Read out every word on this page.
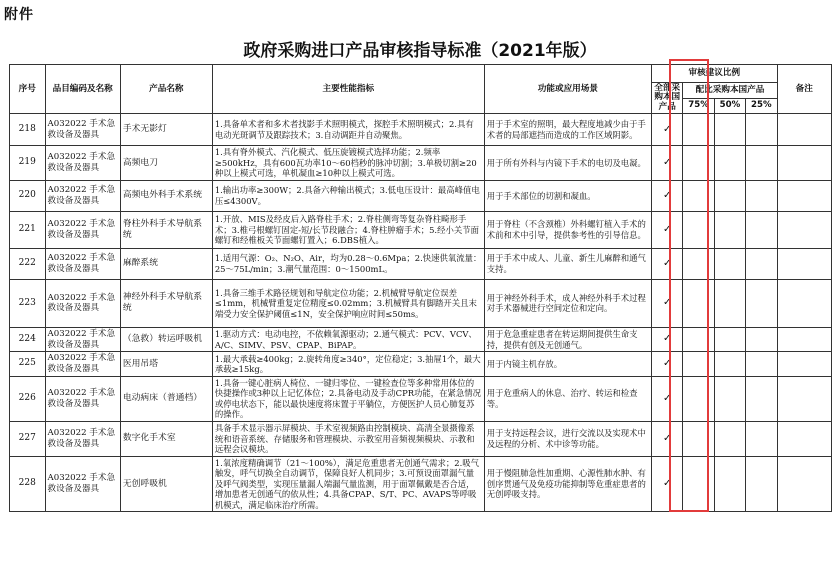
附件
政府采购进口产品审核指导标准（2021年版）
序号	品目编码及名称	产品名称	主要性能指标	功能或应用场景	审核建议比例				备注
					全部采购本国产品	配比采购本国产品			
						75%	50%	25%	
218	A032022 手术急救设备及器具	手术无影灯	1.具备单术者和多术者找影手术照明模式，探腔手术照明模式；2.具有电动光斑调节及跟踪技术；3.自动调距并自动聚焦。	用于手术室的照明，最大程度地减少由于手术者的局部遮挡而造成的工作区域阴影。	✓				
219	A032022 手术急救设备及器具	高频电刀	1.具有脊外模式、汽化模式、低压旋镀模式选择功能；2.频率≥500kHz，具有600瓦功率10～60档秒的脉冲切割；3.单极切割≥20种以上模式可选，单机凝血≥10种以上模式可选。	用于所有外科与内镜下手术的电切及电凝。	✓				
220	A032022 手术急救设备及器具	高频电外科手术系统	1.输出功率≥300W；2.具备六种输出模式；3.低电压设计：最高峰值电压≤4300V。	用于手术部位的切割和凝血。	✓				
221	A032022 手术急救设备及器具	脊柱外科手术导航系统	1.开放、MIS及经皮后入路脊柱手术；2.脊柱侧弯等复杂脊柱畸形手术；3.椎弓根螺钉固定-短/长节段融合；4.脊柱肿瘤手术；5.经小关节面螺钉和经椎板关节面螺钉置入；6.DBS植入。	用于脊柱（不含颈椎）外科螺钉植入手术的术前和术中引导，提供参考性的引导信息。	✓				
222	A032022 手术急救设备及器具	麻醉系统	1.适用气源：O₂、N₂O、Air，均为0.28～0.6Mpa；2.快速供氧流量：25～75L/min；3.潮气量范围：0～1500mL。	用于手术中成人、儿童、新生儿麻醉和通气支持。	✓				
223	A032022 手术急救设备及器具	神经外科手术导航系统	1.具备三维手术路径规划和导航定位功能；2.机械臂导航定位误差≤1mm，机械臂重复定位精度≤0.02mm；3.机械臂具有脚踏开关且末端受力安全保护阈值≤1N，安全保护响应时间≤50ms。	用于神经外科手术，成人神经外科手术过程对手术器械进行空间定位和定向。	✓				
224	A032022 手术急救设备及器具	（急救）转运呼吸机	1.驱动方式：电动电控，不依赖氧源驱动；2.通气模式：PCV、VCV、A/C、SIMV、PSV、CPAP、BiPAP。	用于危急重症患者在转运期间提供生命支持，提供有创及无创通气。	✓				
225	A032022 手术急救设备及器具	医用吊塔	1.最大承载≥400kg；2.旋转角度≥340°，定位稳定；3.抽屉1个，最大承载≥15kg。	用于内镜主机存放。	✓				
226	A032022 手术急救设备及器具	电动病床（普通档）	1.具备一键心脏病人椅位、一键归零位、一键检查位等多种常用体位的快捷操作或3种以上记忆体位；2.具备电动及手动CPR功能，在紧急情况或停电状态下，能以最快速度将床置于平躺位，方便医护人员心肺复苏的操作。	用于危重病人的休息、治疗、转运和检查等。	✓				
227	A032022 手术急救设备及器具	数字化手术室	具备手术显示器示屏模块、手术室视频路由控制模块、高清全景摄像系统和语音系统、存储服务和管理模块、示教室用音频视频模块、示教和远程会议模块。	用于支持远程会议，进行交流以及实现术中及远程的分析、术中诊等功能。	✓				
228	A032022 手术急救设备及器具	无创呼吸机	1.氧浓度精确调节（21～100%），满足危重患者无创通气需求；2.吸气触发，呼气切换全自动调节，保障良好人机同步；3.可预设面罩漏气量及呼气阀类型，实现压量漏人端漏气量监测，用于面罩佩戴是否合适，增加患者无创通气的依从性；4.具备CPAP、S/T、PC、AVAPS等呼吸机模式，满足临床治疗所需。	用于慢阻肺急性加重期、心源性肺水肿、有创序贯通气及免疫功能抑制等危重症患者的无创呼吸支持。	✓				
